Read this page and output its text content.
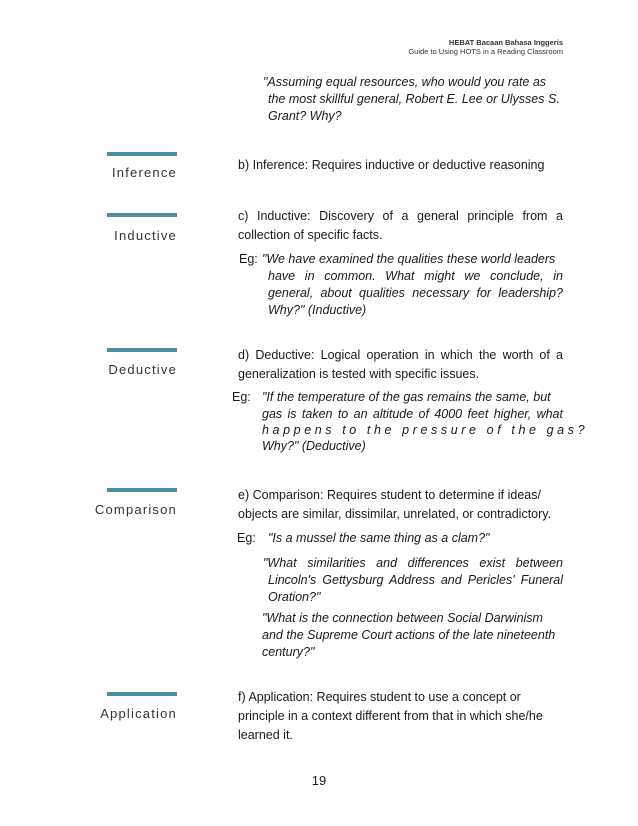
HEBAT Bacaan Bahasa Inggeris
Guide to Using HOTS in a Reading Classroom
"Assuming equal resources, who would you rate as
the most skillful general, Robert E. Lee or Ulysses S.
Grant? Why?
Inference	b) Inference: Requires inductive or deductive reasoning
Inductive
c) Inductive: Discovery of a general principle from a
collection of specific facts.
Eg: "We have examined the qualities these world leaders
have in common. What might we conclude, in
general, about qualities necessary for leadership?
Why?" (Inductive)
Deductive
d) Deductive: Logical operation in which the worth of a
generalization is tested with specific issues.
Eg: "If the temperature of the gas remains the same, but
gas is taken to an altitude of 4000 feet higher, what
happens to the pressure of the gas?
Why?" (Deductive)
Comparison
e) Comparison: Requires student to determine if ideas/
objects are similar, dissimilar, unrelated, or contradictory.
Eg: "Is a mussel the same thing as a clam?"
"What similarities and differences exist between
Lincoln's Gettysburg Address and Pericles' Funeral
Oration?"
"What is the connection between Social Darwinism
and the Supreme Court actions of the late nineteenth
century?"
Application
f) Application: Requires student to use a concept or
principle in a context different from that in which she/he
learned it.
19
